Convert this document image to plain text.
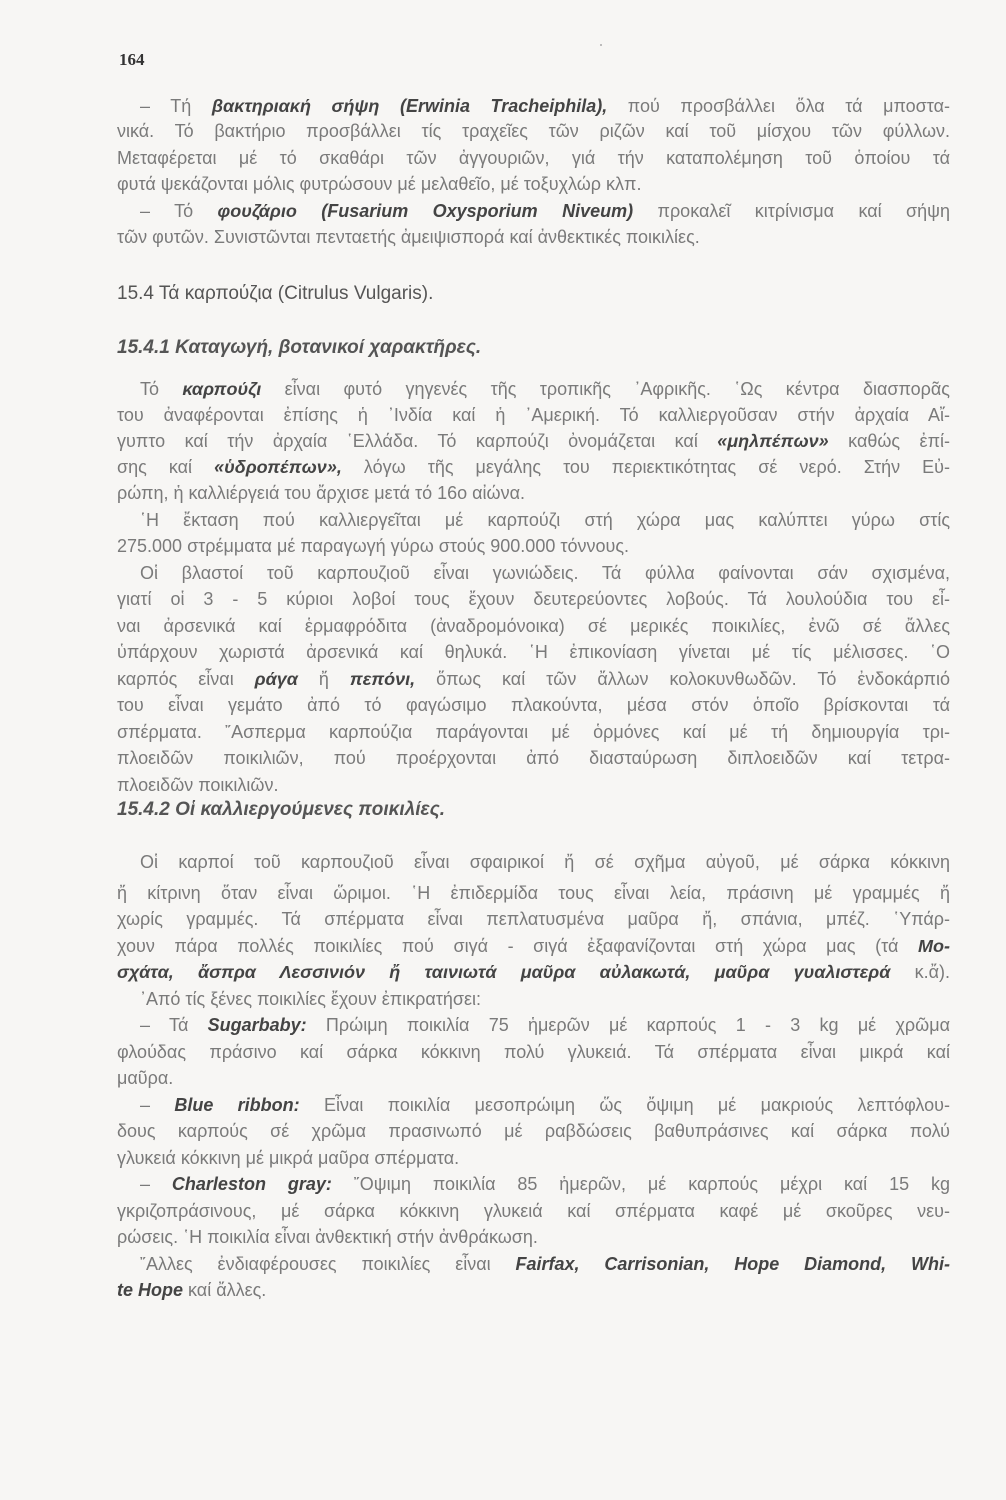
164
– Τή βακτηριακή σήψη (Erwinia Tracheiphila), πού προσβάλλει ὅλα τά μποστα-
νικά. Τό βακτήριο προσβάλλει τίς τραχεῖες τῶν ριζῶν καί τοῦ μίσχου τῶν φύλλων.
Μεταφέρεται μέ τό σκαθάρι τῶν ἀγγουριῶν, γιά τήν καταπολέμηση τοῦ ὁποίου τά
φυτά ψεκάζονται μόλις φυτρώσουν μέ μελαθεῖο, μέ τοξυχλώρ κλπ.
– Τό φουζάριο (Fusarium Oxysporium Niveum) προκαλεῖ κιτρίνισμα καί σήψη
τῶν φυτῶν. Συνιστῶνται πενταετής ἀμειψισπορά καί ἀνθεκτικές ποικιλίες.
15.4 Τά καρπούζια (Citrulus Vulgaris).
15.4.1 Καταγωγή, βοτανικοί χαρακτῆρες.
Τό καρπούζι εἶναι φυτό γηγενές τῆς τροπικῆς ᾽Αφρικῆς. ῾Ως κέντρα διασπορᾶς
του ἀναφέρονται ἐπίσης ἡ ᾽Ινδία καί ἡ ᾽Αμερική. Τό καλλιεργοῦσαν στήν ἀρχαία Αἴ-
γυπτο καί τήν ἀρχαία ῾Ελλάδα. Τό καρπούζι ὀνομάζεται καί «μηλπέπων» καθώς ἐπί-
σης καί «ὑδροπέπων», λόγω τῆς μεγάλης του περιεκτικότητας σέ νερό. Στήν Εὐ-
ρώπη, ἡ καλλιέργειά του ἄρχισε μετά τό 16ο αἰώνα.
῾Η ἔκταση πού καλλιεργεῖται μέ καρπούζι στή χώρα μας καλύπτει γύρω στίς
275.000 στρέμματα μέ παραγωγή γύρω στούς 900.000 τόννους.
Οἱ βλαστοί τοῦ καρπουζιοῦ εἶναι γωνιώδεις. Τά φύλλα φαίνονται σάν σχισμένα,
γιατί οἱ 3 - 5 κύριοι λοβοί τους ἔχουν δευτερεύοντες λοβούς. Τά λουλούδια του εἶ-
ναι ἀρσενικά καί ἑρμαφρόδιτα (ἀναδρομόνοικα) σέ μερικές ποικιλίες, ἐνῶ σέ ἄλλες
ὑπάρχουν χωριστά ἀρσενικά καί θηλυκά. ῾Η ἐπικονίαση γίνεται μέ τίς μέλισσες. ῾Ο
καρπός εἶναι ράγα ἤ πεπόνι, ὅπως καί τῶν ἄλλων κολοκυνθωδῶν. Τό ἐνδοκάρπιό
του εἶναι γεμάτο ἀπό τό φαγώσιμο πλακούντα, μέσα στόν ὁποῖο βρίσκονται τά
σπέρματα. ῎Ασπερμα καρπούζια παράγονται μέ ὁρμόνες καί μέ τή δημιουργία τρι-
πλοειδῶν ποικιλιῶν, πού προέρχονται ἀπό διασταύρωση διπλοειδῶν καί τετρα-
πλοειδῶν ποικιλιῶν.
15.4.2 Οἱ καλλιεργούμενες ποικιλίες.
Οἱ καρποί τοῦ καρπουζιοῦ εἶναι σφαιρικοί ἤ σέ σχῆμα αὐγοῦ, μέ σάρκα κόκκινη
ἤ κίτρινη ὅταν εἶναι ὥριμοι. ῾Η ἐπιδερμίδα τους εἶναι λεία, πράσινη μέ γραμμές ἤ
χωρίς γραμμές. Τά σπέρματα εἶναι πεπλατυσμένα μαῦρα ἤ, σπάνια, μπέζ. ῾Υπάρ-
χουν πάρα πολλές ποικιλίες πού σιγά - σιγά ἐξαφανίζονται στή χώρα μας (τά Μο-
σχάτα, ἄσπρα Λεσσινιόν ἤ ταινιωτά μαῦρα αὐλακωτά, μαῦρα γυαλιστερά κ.ἄ).
᾽Από τίς ξένες ποικιλίες ἔχουν ἐπικρατήσει:
– Τά Sugarbaby: Πρώιμη ποικιλία 75 ἡμερῶν μέ καρπούς 1 - 3 kg μέ χρῶμα
φλούδας πράσινο καί σάρκα κόκκινη πολύ γλυκειά. Τά σπέρματα εἶναι μικρά καί
μαῦρα.
– Blue ribbon: Εἶναι ποικιλία μεσοπρώιμη ὥς ὄψιμη μέ μακριούς λεπτόφλου-
δους καρπούς σέ χρῶμα πρασινωπό μέ ραβδώσεις βαθυπράσινες καί σάρκα πολύ
γλυκειά κόκκινη μέ μικρά μαῦρα σπέρματα.
– Charleston gray: ῎Οψιμη ποικιλία 85 ἡμερῶν, μέ καρπούς μέχρι καί 15 kg
γκριζοπράσινους, μέ σάρκα κόκκινη γλυκειά καί σπέρματα καφέ μέ σκοῦρες νευ-
ρώσεις. ῾Η ποικιλία εἶναι ἀνθεκτική στήν ἀνθράκωση.
῎Αλλες ἐνδιαφέρουσες ποικιλίες εἶναι Fairfax, Carrisonian, Hope Diamond, Whi-
te Hope καί ἄλλες.
